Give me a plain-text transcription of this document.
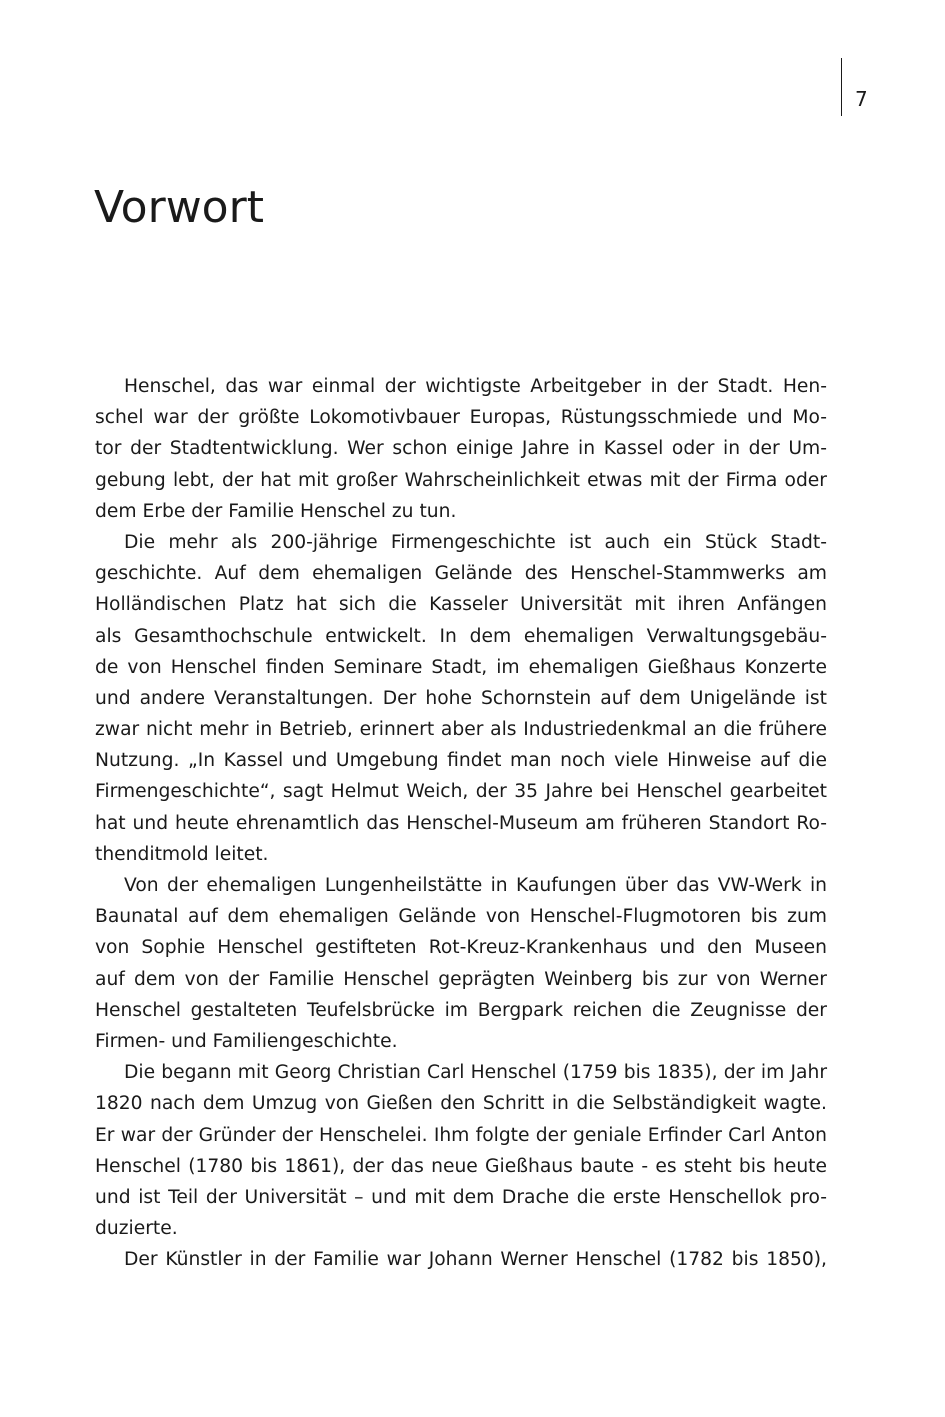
7
Vorwort

Henschel, das war einmal der wichtigste Arbeitgeber in der Stadt. Hen-
schel war der größte Lokomotivbauer Europas, Rüstungsschmiede und Mo-
tor der Stadtentwicklung. Wer schon einige Jahre in Kassel oder in der Um-
gebung lebt, der hat mit großer Wahrscheinlichkeit etwas mit der Firma oder
dem Erbe der Familie Henschel zu tun.

Die mehr als 200-jährige Firmengeschichte ist auch ein Stück Stadt-
geschichte. Auf dem ehemaligen Gelände des Henschel-Stammwerks am
Holländischen Platz hat sich die Kasseler Universität mit ihren Anfängen
als Gesamthochschule entwickelt. In dem ehemaligen Verwaltungsgebäu-
de von Henschel finden Seminare Stadt, im ehemaligen Gießhaus Konzerte
und andere Veranstaltungen. Der hohe Schornstein auf dem Unigelände ist
zwar nicht mehr in Betrieb, erinnert aber als Industriedenkmal an die frühere
Nutzung. „In Kassel und Umgebung findet man noch viele Hinweise auf die
Firmengeschichte“, sagt Helmut Weich, der 35 Jahre bei Henschel gearbeitet
hat und heute ehrenamtlich das Henschel-Museum am früheren Standort Ro-
thenditmold leitet.

Von der ehemaligen Lungenheilstätte in Kaufungen über das VW-Werk in
Baunatal auf dem ehemaligen Gelände von Henschel-Flugmotoren bis zum
von Sophie Henschel gestifteten Rot-Kreuz-Krankenhaus und den Museen
auf dem von der Familie Henschel geprägten Weinberg bis zur von Werner
Henschel gestalteten Teufelsbrücke im Bergpark reichen die Zeugnisse der
Firmen- und Familiengeschichte.

Die begann mit Georg Christian Carl Henschel (1759 bis 1835), der im Jahr
1820 nach dem Umzug von Gießen den Schritt in die Selbständigkeit wagte.
Er war der Gründer der Henschelei. Ihm folgte der geniale Erfinder Carl Anton
Henschel (1780 bis 1861), der das neue Gießhaus baute - es steht bis heute
und ist Teil der Universität – und mit dem Drache die erste Henschellok pro-
duzierte.

Der Künstler in der Familie war Johann Werner Henschel (1782 bis 1850),
